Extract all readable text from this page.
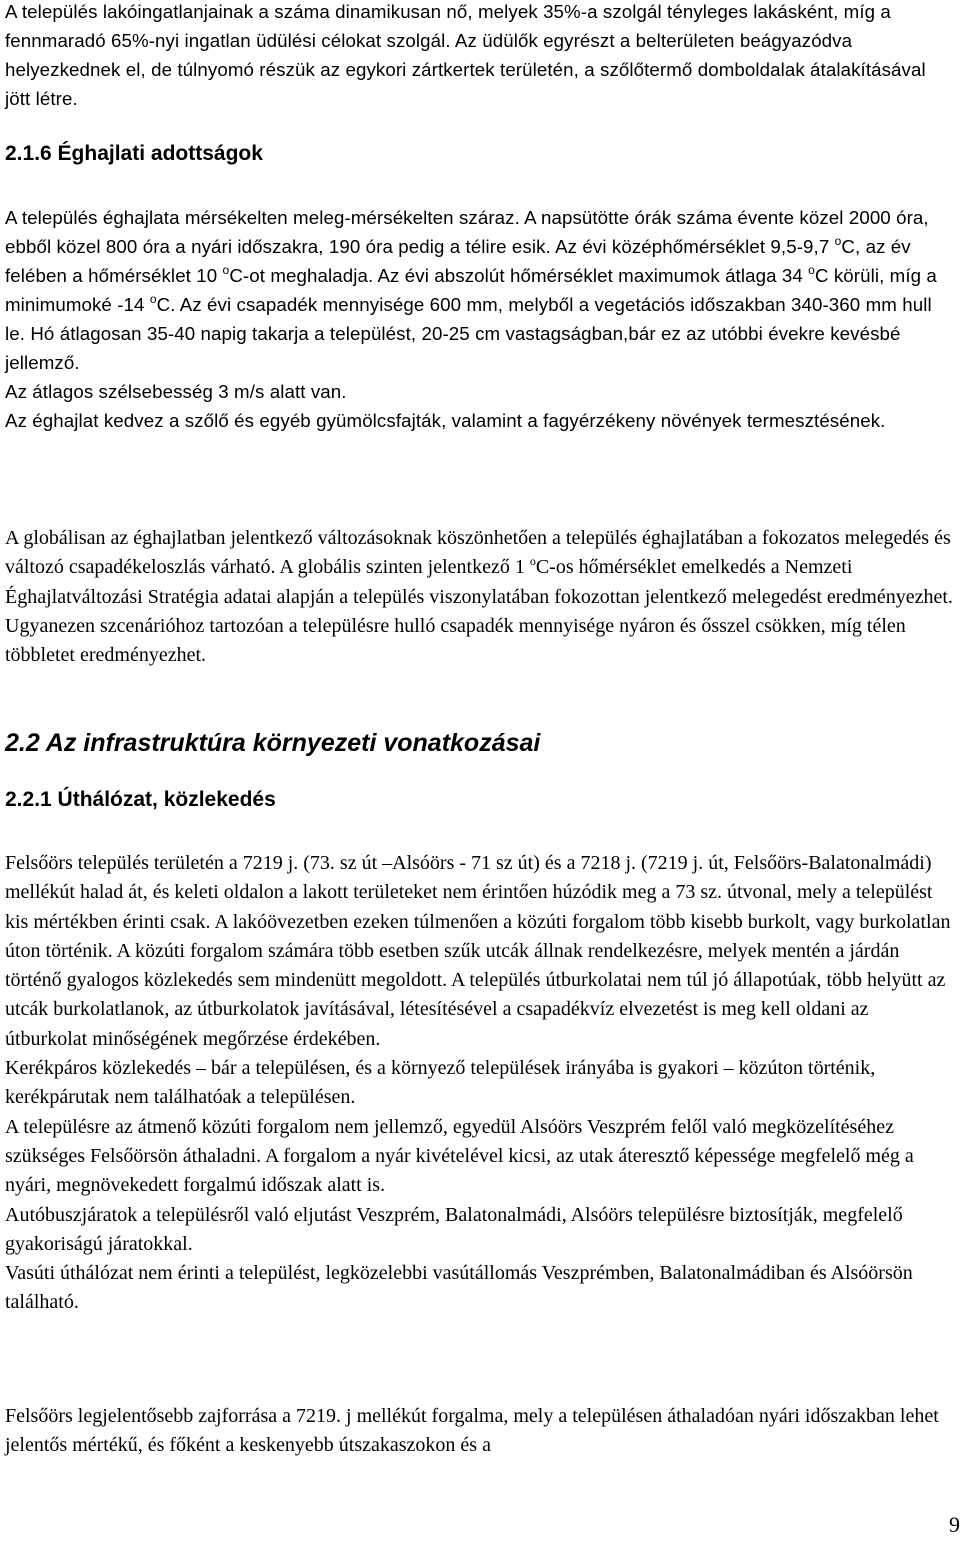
A település lakóingatlanjainak a száma dinamikusan nő, melyek 35%-a szolgál tényleges lakásként, míg a fennmaradó 65%-nyi ingatlan üdülési célokat szolgál. Az üdülők egyrészt a belterületen beágyazódva helyezkednek el, de túlnyomó részük az egykori zártkertek területén, a szőlőtermő domboldalak átalakításával jött létre.

2.1.6 Éghajlati adottságok

A település éghajlata mérsékelten meleg-mérsékelten száraz. A napsütötte órák száma évente közel 2000 óra, ebből közel 800 óra a nyári időszakra, 190 óra pedig a télire esik. Az évi középhőmérséklet 9,5-9,7 $^o$C, az év felében a hőmérséklet 10 $^o$C-ot meghaladja. Az évi abszolút hőmérséklet maximumok átlaga 34 $^o$C körüli, míg a minimumoké -14 $^o$C. Az évi csapadék mennyisége 600 mm, melyből a vegetációs időszakban 340-360 mm hull le. Hó átlagosan 35-40 napig takarja a települést, 20-25 cm vastagságban,bár ez az utóbbi évekre kevésbé jellemző.

Az átlagos szélsebesség 3 m/s alatt van.

Az éghajlat kedvez a szőlő és egyéb gyümölcsfajták, valamint a fagyérzékeny növények termesztésének.

A globálisan az éghajlatban jelentkező változásoknak köszönhetően a település éghajlatában a fokozatos melegedés és változó csapadékeloszlás várható. A globális szinten jelentkező 1 $^o$C-os hőmérséklet emelkedés a Nemzeti Éghajlatváltozási Stratégia adatai alapján a település viszonylatában fokozottan jelentkező melegedést eredményezhet. Ugyanezen szcenárióhoz tartozóan a településre hulló csapadék mennyisége nyáron és ősszel csökken, míg télen többletet eredményezhet.

2.2 Az infrastruktúra környezeti vonatkozásai
2.2.1 Úthálózat, közlekedés

Felsőörs település területén a 7219 j. (73. sz út –Alsóörs - 71 sz út) és a 7218 j. (7219 j. út, Felsőörs-Balatonalmádi) mellékút halad át, és keleti oldalon a lakott területeket nem érintően húzódik meg a 73 sz. útvonal, mely a települést kis mértékben érinti csak. A lakóövezetben ezeken túlmenően a közúti forgalom több kisebb burkolt, vagy burkolatlan úton történik. A közúti forgalom számára több esetben szűk utcák állnak rendelkezésre, melyek mentén a járdán történő gyalogos közlekedés sem mindenütt megoldott. A település útburkolatai nem túl jó állapotúak, több helyütt az utcák burkolatlanok, az útburkolatok javításával, létesítésével a csapadékvíz elvezetést is meg kell oldani az útburkolat minőségének megőrzése érdekében.

Kerékpáros közlekedés – bár a településen, és a környező települések irányába is gyakori – közúton történik, kerékpárutak nem találhatóak a településen.

A településre az átmenő közúti forgalom nem jellemző, egyedül Alsóörs Veszprém felől való megközelítéséhez szükséges Felsőörsön áthaladni. A forgalom a nyár kivételével kicsi, az utak áteresztő képessége megfelelő még a nyári, megnövekedett forgalmú időszak alatt is.

Autóbuszjáratok a településről való eljutást Veszprém, Balatonalmádi, Alsóörs településre biztosítják, megfelelő gyakoriságú járatokkal.

Vasúti úthálózat nem érinti a települést, legközelebbi vasútállomás Veszprémben, Balatonalmádiban és Alsóörsön található.

Felsőörs legjelentősebb zajforrása a 7219. j mellékút forgalma, mely a településen áthaladóan nyári időszakban lehet jelentős mértékű, és főként a keskenyebb útszakaszokon és a

9
